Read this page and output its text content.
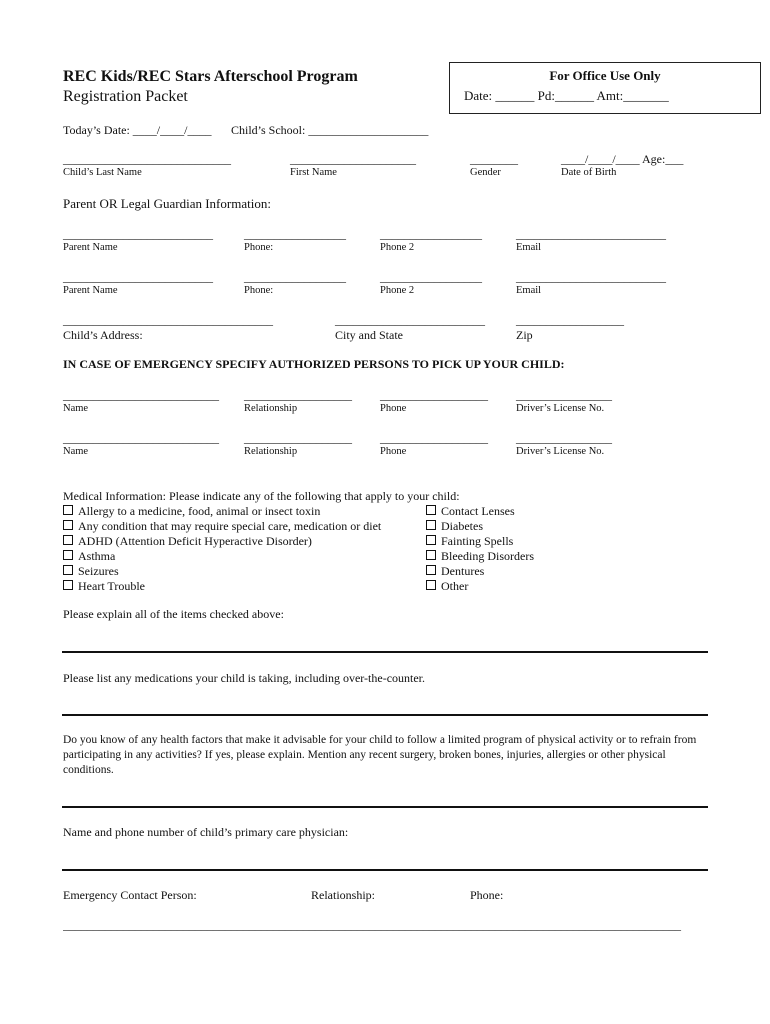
REC Kids/REC Stars Afterschool Program
Registration Packet
For Office Use Only
Date: ______ Pd:______ Amt:_______
Today’s Date: ____/____/____ Child’s School: ____________________
____________________________	_____________________	________	____/____/____ Age:___
Child’s Last Name	First Name	Gender	Date of Birth
Parent OR Legal Guardian Information:
_________________________	_________________	_________________	_________________________
Parent Name	Phone:	Phone 2	Email
_________________________	_________________	_________________	_________________________
Parent Name	Phone:	Phone 2	Email
___________________________________	_________________________	__________________
Child’s Address:	City and State	Zip
IN CASE OF EMERGENCY SPECIFY AUTHORIZED PERSONS TO PICK UP YOUR CHILD:
__________________________ __________________ __________________ ________________
Name	Relationship	Phone	Driver’s License No.
__________________________ __________________ __________________ ________________
Name	Relationship	Phone	Driver’s License No.
Medical Information: Please indicate any of the following that apply to your child:
Allergy to a medicine, food, animal or insect toxin
Any condition that may require special care, medication or diet
ADHD (Attention Deficit Hyperactive Disorder)
Asthma
Seizures
Heart Trouble
Contact Lenses
Diabetes
Fainting Spells
Bleeding Disorders
Dentures
Other
Please explain all of the items checked above:
Please list any medications your child is taking, including over-the-counter.
Do you know of any health factors that make it advisable for your child to follow a limited program of physical activity or to refrain from participating in any activities? If yes, please explain. Mention any recent surgery, broken bones, injuries, allergies or other physical conditions.
Name and phone number of child’s primary care physician:
Emergency Contact Person:	Relationship:	Phone:
_______________________________________________________________________________________________________
